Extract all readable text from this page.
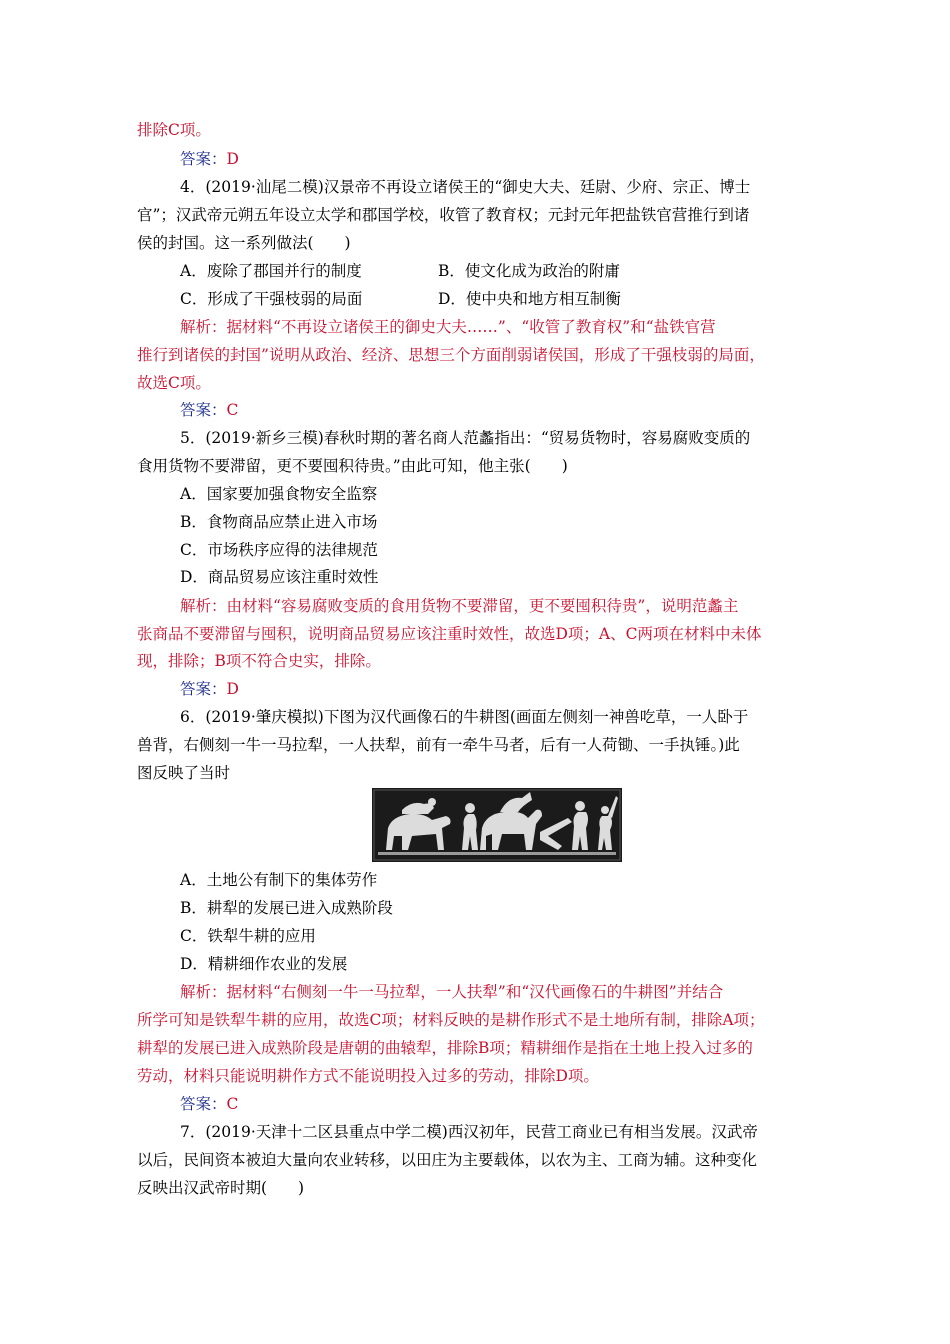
排除C项。
答案：D
4．(2019·汕尾二模)汉景帝不再设立诸侯王的“御史大夫、廷尉、少府、宗正、博士
官”；汉武帝元朔五年设立太学和郡国学校，收管了教育权；元封元年把盐铁官营推行到诸
侯的封国。这一系列做法(　　)
A．废除了郡国并行的制度	B．使文化成为政治的附庸
C．形成了干强枝弱的局面	D．使中央和地方相互制衡
解析：据材料“不再设立诸侯王的御史大夫……”、“收管了教育权”和“盐铁官营
推行到诸侯的封国”说明从政治、经济、思想三个方面削弱诸侯国，形成了干强枝弱的局面，
故选C项。
答案：C
5．(2019·新乡三模)春秋时期的著名商人范蠡指出：“贸易货物时，容易腐败变质的
食用货物不要滞留，更不要囤积待贵。”由此可知，他主张(　　)
A．国家要加强食物安全监察
B．食物商品应禁止进入市场
C．市场秩序应得的法律规范
D．商品贸易应该注重时效性
解析：由材料“容易腐败变质的食用货物不要滞留，更不要囤积待贵”，说明范蠡主
张商品不要滞留与囤积，说明商品贸易应该注重时效性，故选D项；A、C两项在材料中未体
现，排除；B项不符合史实，排除。
答案：D
6．(2019·肇庆模拟)下图为汉代画像石的牛耕图(画面左侧刻一神兽吃草，一人卧于
兽背，右侧刻一牛一马拉犁，一人扶犁，前有一牵牛马者，后有一人荷锄、一手执锤。)此
图反映了当时
A．土地公有制下的集体劳作
B．耕犁的发展已进入成熟阶段
C．铁犁牛耕的应用
D．精耕细作农业的发展
解析：据材料“右侧刻一牛一马拉犁，一人扶犁”和“汉代画像石的牛耕图”并结合
所学可知是铁犁牛耕的应用，故选C项；材料反映的是耕作形式不是土地所有制，排除A项；
耕犁的发展已进入成熟阶段是唐朝的曲辕犁，排除B项；精耕细作是指在土地上投入过多的
劳动，材料只能说明耕作方式不能说明投入过多的劳动，排除D项。
答案：C
7．(2019·天津十二区县重点中学二模)西汉初年，民营工商业已有相当发展。汉武帝
以后，民间资本被迫大量向农业转移，以田庄为主要载体，以农为主、工商为辅。这种变化
反映出汉武帝时期(　　)
